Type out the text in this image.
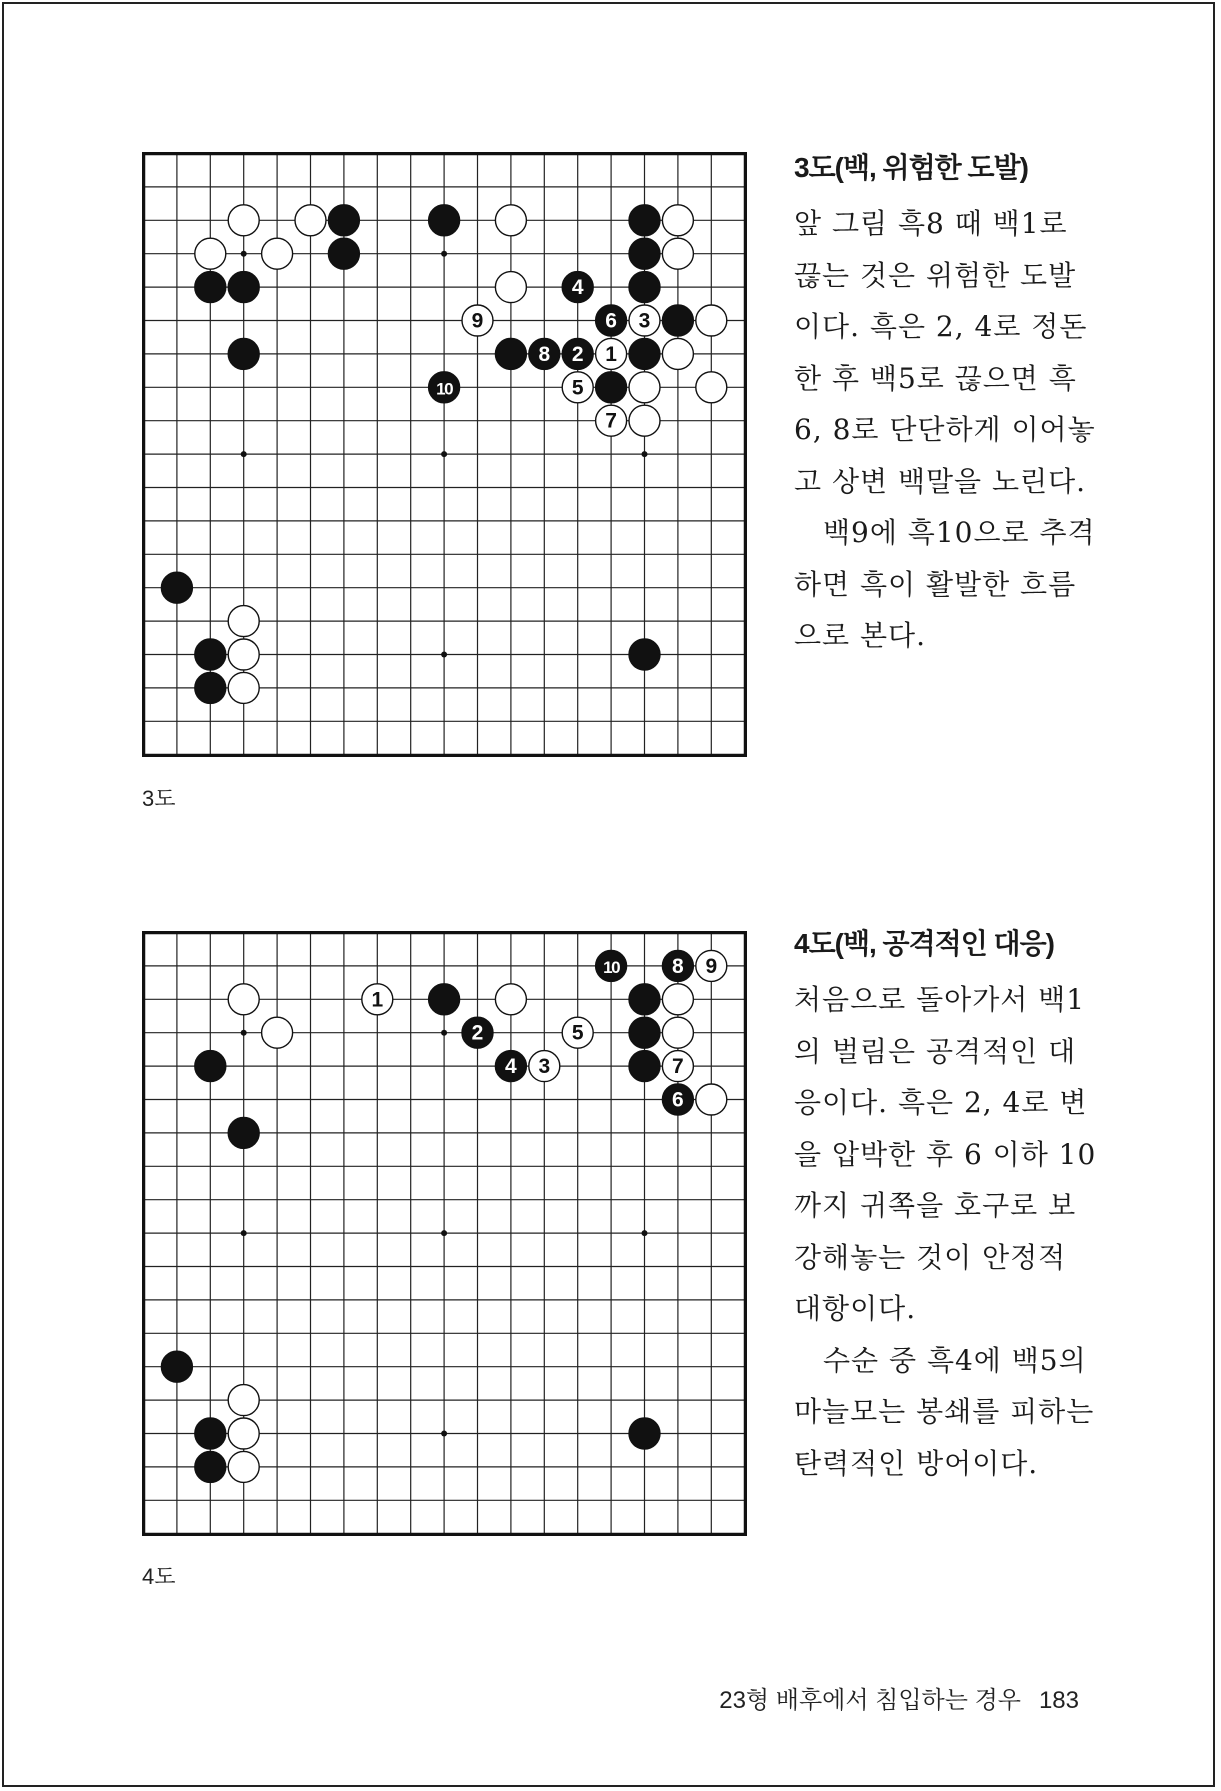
4
9	6 3
8 2 1
10	5
7
3도
3도(백, 위험한 도발)
앞 그림 흑8 때 백1로
끊는 것은 위험한 도발
이다. 흑은 2, 4로 정돈
한 후 백5로 끊으면 흑
6, 8로 단단하게 이어놓
고 상변 백말을 노린다.
　백9에 흑10으로 추격
하면 흑이 활발한 흐름
으로 본다.
10	8 9
1
2	5
4 3	7
6
4도
4도(백, 공격적인 대응)
처음으로 돌아가서 백1
의 벌림은 공격적인 대
응이다. 흑은 2, 4로 변
을 압박한 후 6 이하 10
까지 귀쪽을 호구로 보
강해놓는 것이 안정적
대항이다.
　수순 중 흑4에 백5의
마늘모는 봉쇄를 피하는
탄력적인 방어이다.
23형 배후에서 침입하는 경우 183
